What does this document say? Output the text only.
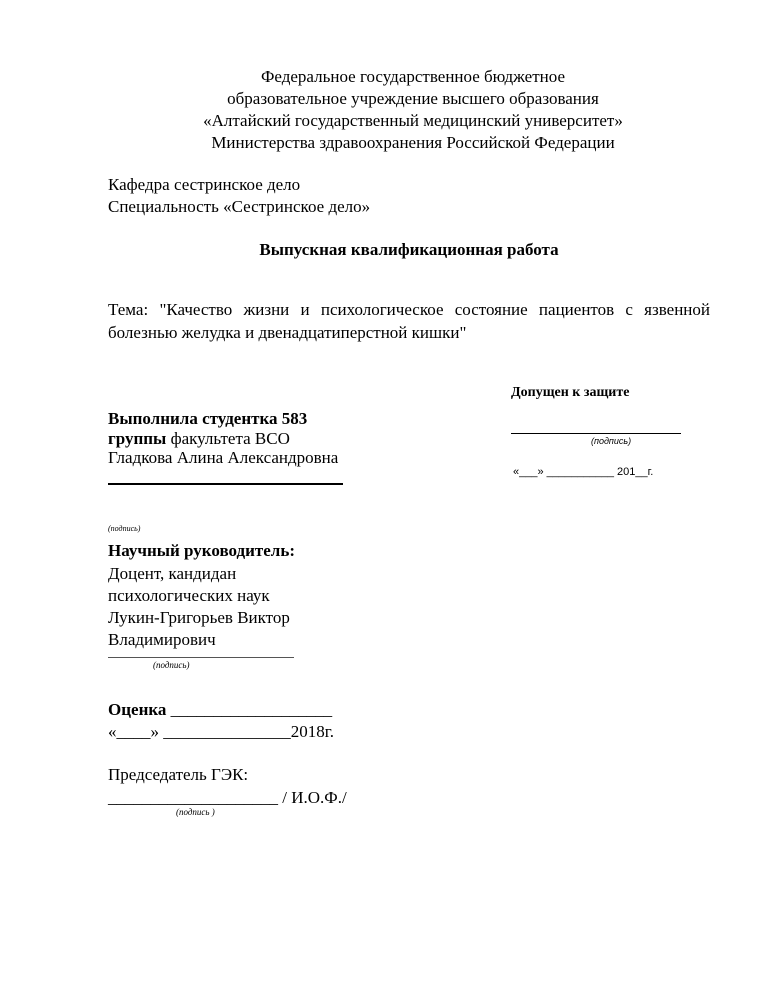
Федеральное государственное бюджетное
образовательное учреждение высшего образования
«Алтайский государственный медицинский университет»
Министерства здравоохранения Российской Федерации
Кафедра сестринское дело
Специальность «Сестринское дело»
Выпускная квалификационная работа
Тема: "Качество жизни и психологическое состояние пациентов с язвенной болезнью желудка и двенадцатиперстной кишки"
Допущен к защите
(подпись)
«___» ___________ 201__г.
Выполнила студентка 583
группы факультета ВСО
Гладкова Алина Александровна
(подпись)
Научный руководитель:
Доцент, кандидан
психологических наук
Лукин-Григорьев Виктор
Владимирович
(подпись)
Оценка ___________________
«____» _______________2018г.
Председатель ГЭК:
____________________ / И.О.Ф./
(подпись )
